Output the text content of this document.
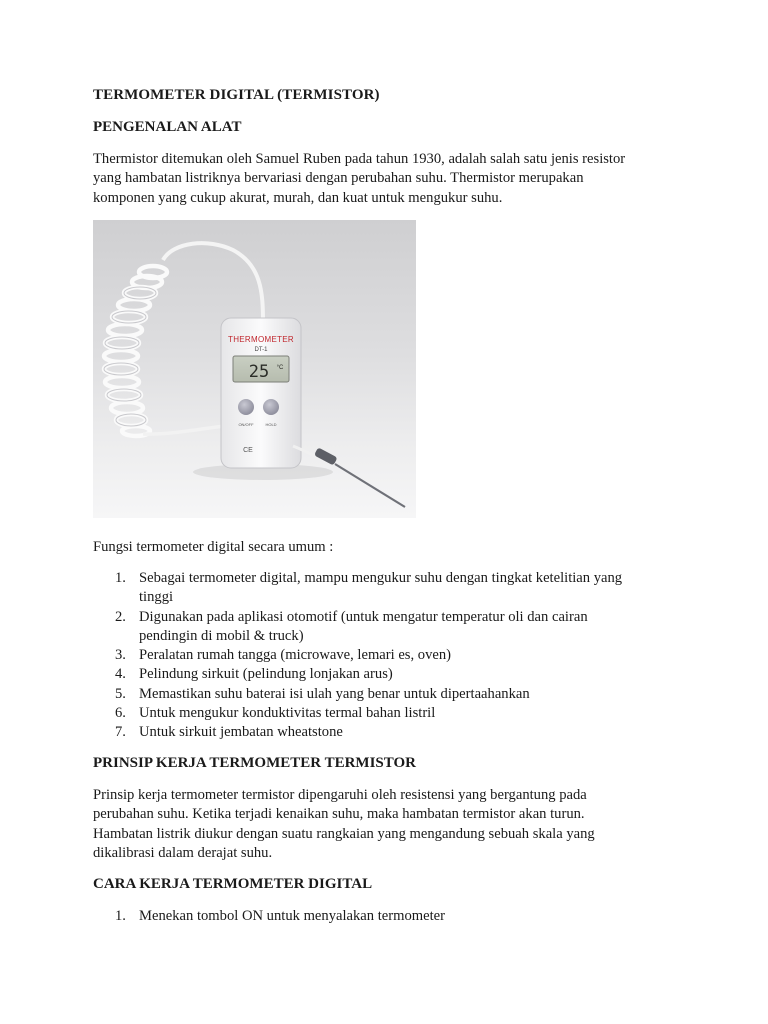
TERMOMETER DIGITAL (TERMISTOR)
PENGENALAN ALAT

Thermistor ditemukan oleh Samuel Ruben pada tahun 1930, adalah salah satu jenis resistor
yang hambatan listriknya bervariasi dengan perubahan suhu. Thermistor merupakan
komponen yang cukup akurat, murah, dan kuat untuk mengukur suhu.

THERMOMETER
DT-1
25 °C
ON/OFF	HOLD
CE

Fungsi termometer digital secara umum :

1. Sebagai termometer digital, mampu mengukur suhu dengan tingkat ketelitian yang
tinggi
2. Digunakan pada aplikasi otomotif (untuk mengatur temperatur oli dan cairan
pendingin di mobil & truck)
3. Peralatan rumah tangga (microwave, lemari es, oven)
4. Pelindung sirkuit (pelindung lonjakan arus)
5. Memastikan suhu baterai isi ulah yang benar untuk dipertaahankan
6. Untuk mengukur konduktivitas termal bahan listril
7. Untuk sirkuit jembatan wheatstone
PRINSIP KERJA TERMOMETER TERMISTOR

Prinsip kerja termometer termistor dipengaruhi oleh resistensi yang bergantung pada
perubahan suhu. Ketika terjadi kenaikan suhu, maka hambatan termistor akan turun.
Hambatan listrik diukur dengan suatu rangkaian yang mengandung sebuah skala yang
dikalibrasi dalam derajat suhu.

CARA KERJA TERMOMETER DIGITAL
1. Menekan tombol ON untuk menyalakan termometer
